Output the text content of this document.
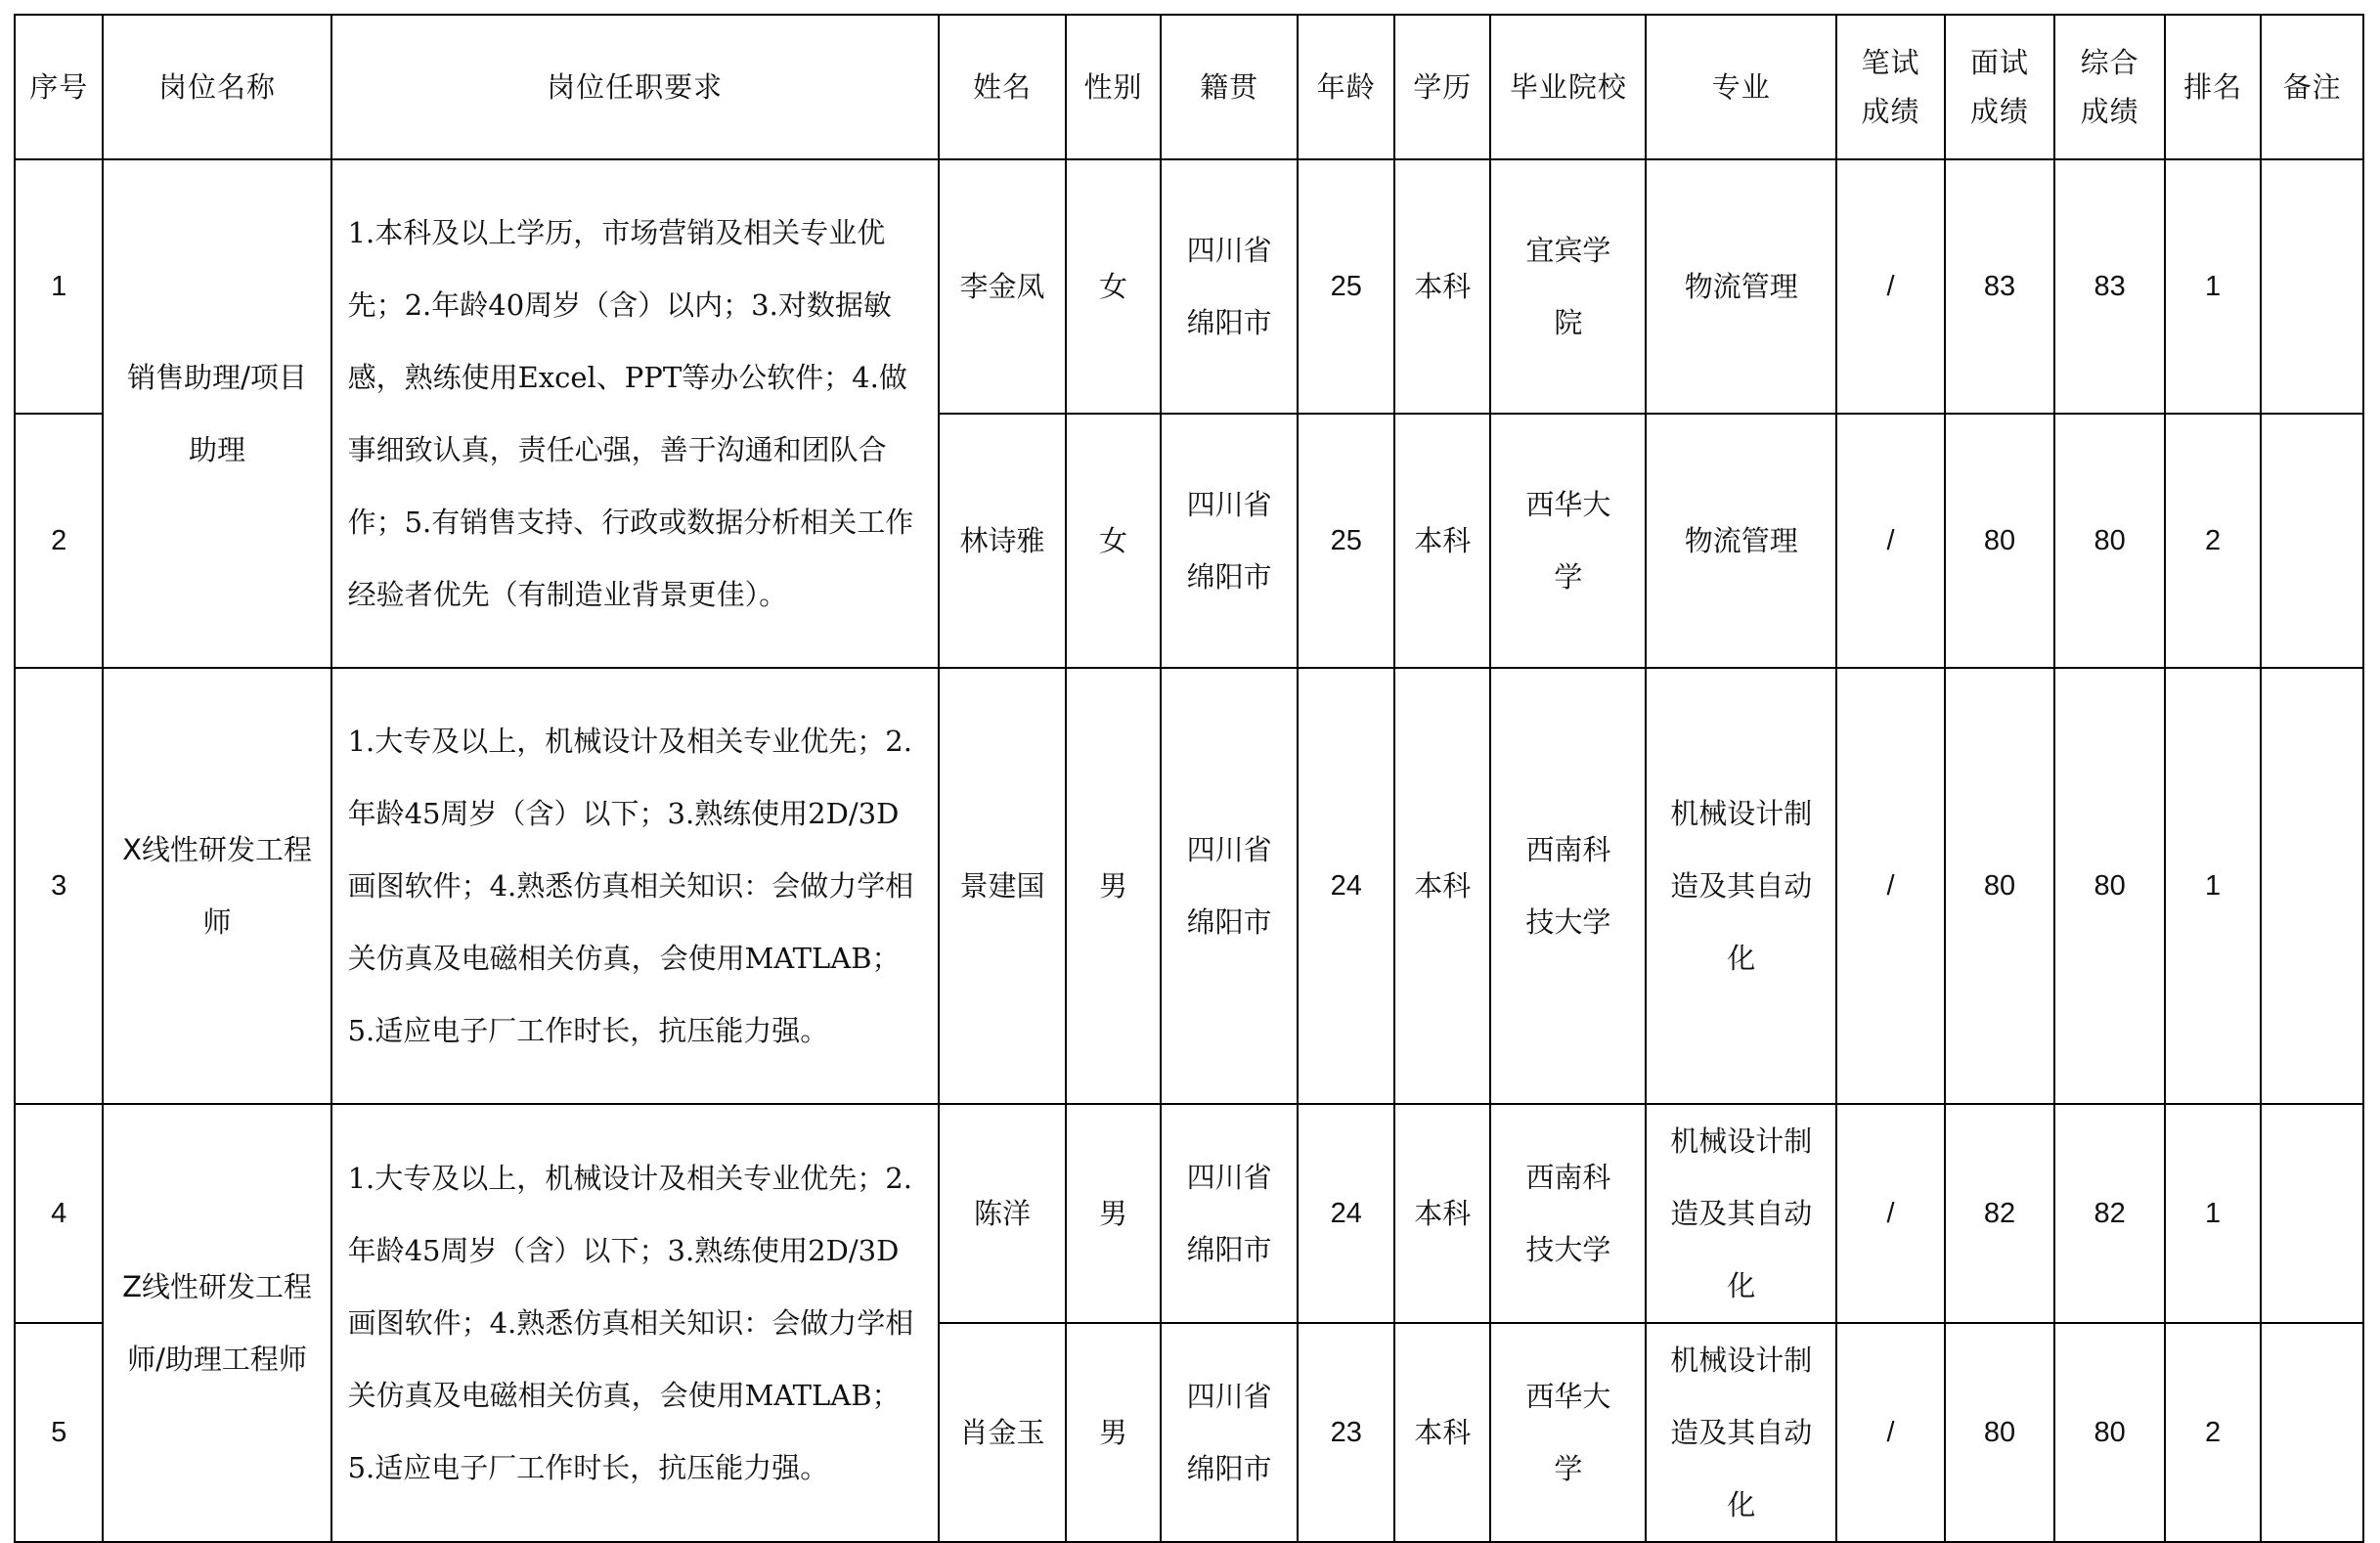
序号	岗位名称	岗位任职要求	姓名	性别	籍贯	年龄	学历	毕业院校	专业	笔试成绩	面试成绩	综合成绩	排名	备注
1	销售助理/项目助理	1.本科及以上学历，市场营销及相关专业优先；2.年龄40周岁（含）以内；3.对数据敏感，熟练使用Excel、PPT等办公软件；4.做事细致认真，责任心强，善于沟通和团队合作；5.有销售支持、行政或数据分析相关工作经验者优先（有制造业背景更佳）。	李金凤	女	四川省绵阳市	25	本科	宜宾学院	物流管理	/	83	83	1	
2			林诗雅	女	四川省绵阳市	25	本科	西华大学	物流管理	/	80	80	2	
3	X线性研发工程师	1.大专及以上，机械设计及相关专业优先；2.年龄45周岁（含）以下；3.熟练使用2D/3D画图软件；4.熟悉仿真相关知识：会做力学相关仿真及电磁相关仿真，会使用MATLAB；5.适应电子厂工作时长，抗压能力强。	景建国	男	四川省绵阳市	24	本科	西南科技大学	机械设计制造及其自动化	/	80	80	1	
4	Z线性研发工程师/助理工程师	1.大专及以上，机械设计及相关专业优先；2.年龄45周岁（含）以下；3.熟练使用2D/3D画图软件；4.熟悉仿真相关知识：会做力学相关仿真及电磁相关仿真，会使用MATLAB；5.适应电子厂工作时长，抗压能力强。	陈洋	男	四川省绵阳市	24	本科	西南科技大学	机械设计制造及其自动化	/	82	82	1	
5			肖金玉	男	四川省绵阳市	23	本科	西华大学	机械设计制造及其自动化	/	80	80	2	
